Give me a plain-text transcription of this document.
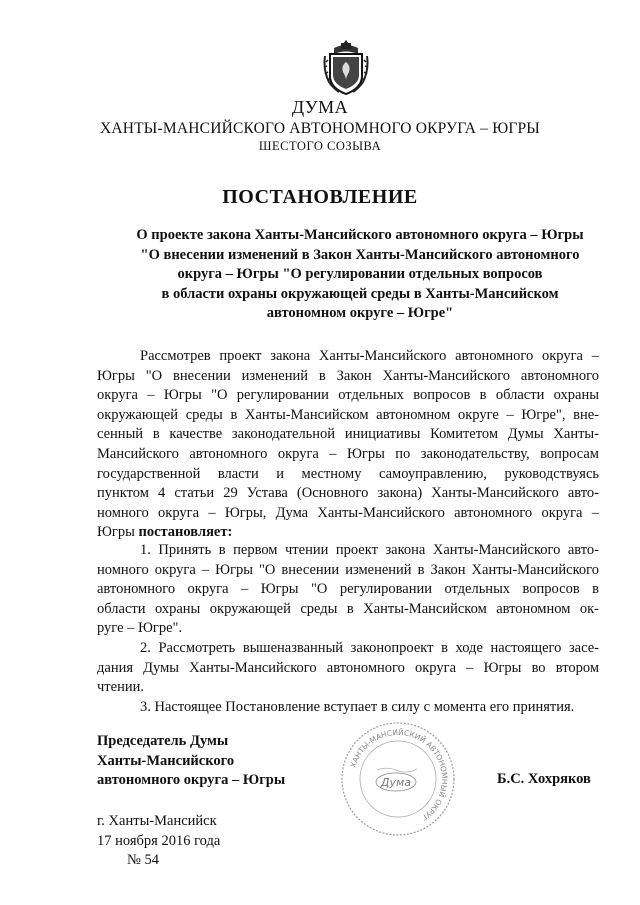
ДУМА
ХАНТЫ-МАНСИЙСКОГО АВТОНОМНОГО ОКРУГА – ЮГРЫ
ШЕСТОГО СОЗЫВА
ПОСТАНОВЛЕНИЕ
О проекте закона Ханты-Мансийского автономного округа – Югры
"О внесении изменений в Закон Ханты-Мансийского автономного
округа – Югры "О регулировании отдельных вопросов
в области охраны окружающей среды в Ханты-Мансийском
автономном округе – Югре"
Рассмотрев проект закона Ханты-Мансийского автономного округа –
Югры "О внесении изменений в Закон Ханты-Мансийского автономного
округа – Югры "О регулировании отдельных вопросов в области охраны
окружающей среды в Ханты-Мансийском автономном округе – Югре", вне-
сенный в качестве законодательной инициативы Комитетом Думы Ханты-
Мансийского автономного округа – Югры по законодательству, вопросам
государственной власти и местному самоуправлению, руководствуясь
пунктом 4 статьи 29 Устава (Основного закона) Ханты-Мансийского авто-
номного округа – Югры, Дума Ханты-Мансийского автономного округа –
Югры постановляет:
1. Принять в первом чтении проект закона Ханты-Мансийского авто-
номного округа – Югры "О внесении изменений в Закон Ханты-Мансийского
автономного округа – Югры "О регулировании отдельных вопросов в
области охраны окружающей среды в Ханты-Мансийском автономном ок-
руге – Югре".
2. Рассмотреть вышеназванный законопроект в ходе настоящего засе-
дания Думы Ханты-Мансийского автономного округа – Югры во втором
чтении.
3. Настоящее Постановление вступает в силу с момента его принятия.
Председатель Думы
Ханты-Мансийского
автономного округа – Югры
ХАНТЫ-МАНСИЙСКИЙ АВТОНОМНЫЙ ОКРУГ
Дума	Б.С. Хохряков
г. Ханты-Мансийск
17 ноября 2016 года
№ 54
